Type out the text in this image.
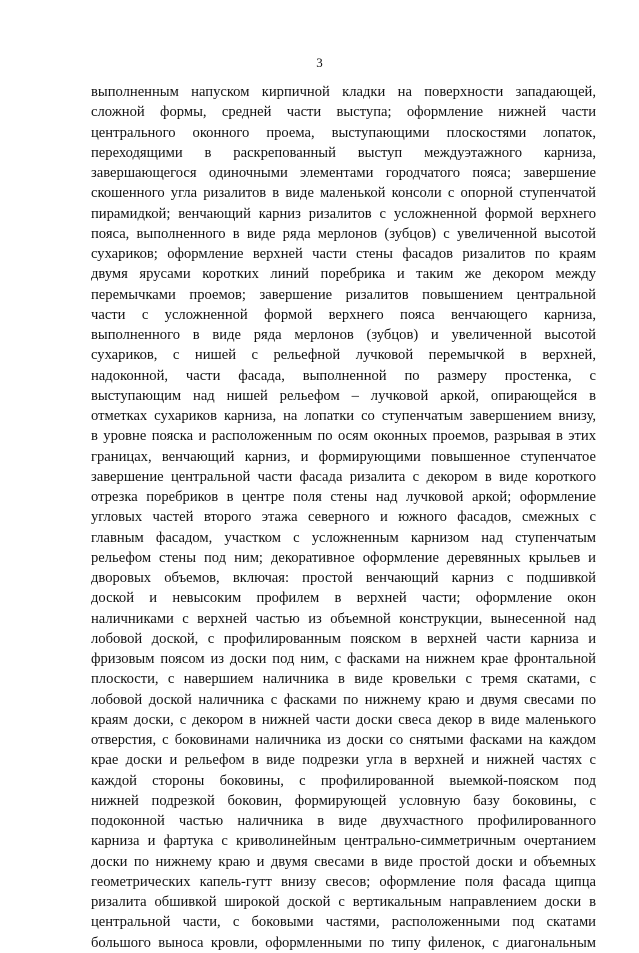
3
выполненным напуском кирпичной кладки на поверхности западающей,
сложной формы, средней части выступа; оформление нижней части
центрального оконного проема, выступающими плоскостями лопаток,
переходящими в раскрепованный выступ междуэтажного карниза,
завершающегося одиночными элементами городчатого пояса; завершение
скошенного угла ризалитов в виде маленькой консоли с опорной ступенчатой
пирамидкой; венчающий карниз ризалитов с усложненной формой верхнего
пояса, выполненного в виде ряда мерлонов (зубцов) с увеличенной высотой
сухариков; оформление верхней части стены фасадов ризалитов по краям
двумя ярусами коротких линий поребрика и таким же декором между
перемычками проемов; завершение ризалитов повышением центральной
части с усложненной формой верхнего пояса венчающего карниза,
выполненного в виде ряда мерлонов (зубцов) и увеличенной высотой
сухариков, с нишей с рельефной лучковой перемычкой в верхней,
надоконной, части фасада, выполненной по размеру простенка, с
выступающим над нишей рельефом – лучковой аркой, опирающейся в
отметках сухариков карниза, на лопатки со ступенчатым завершением внизу,
в уровне пояска и расположенным по осям оконных проемов, разрывая в этих
границах, венчающий карниз, и формирующими повышенное ступенчатое
завершение центральной части фасада ризалита с декором в виде короткого
отрезка поребриков в центре поля стены над лучковой аркой; оформление
угловых частей второго этажа северного и южного фасадов, смежных с
главным фасадом, участком с усложненным карнизом над ступенчатым
рельефом стены под ним; декоративное оформление деревянных крыльев и
дворовых объемов, включая: простой венчающий карниз с подшивкой
доской и невысоким профилем в верхней части; оформление окон
наличниками с верхней частью из объемной конструкции, вынесенной над
лобовой доской, с профилированным пояском в верхней части карниза и
фризовым поясом из доски под ним, с фасками на нижнем крае фронтальной
плоскости, с навершием наличника в виде кровельки с тремя скатами, с
лобовой доской наличника с фасками по нижнему краю и двумя свесами по
краям доски, с декором в нижней части доски свеса декор в виде маленького
отверстия, с боковинами наличника из доски со снятыми фасками на каждом
крае доски и рельефом в виде подрезки угла в верхней и нижней частях с
каждой стороны боковины, с профилированной выемкой-пояском под
нижней подрезкой боковин, формирующей условную базу боковины, с
подоконной частью наличника в виде двухчастного профилированного
карниза и фартука с криволинейным центрально-симметричным очертанием
доски по нижнему краю и двумя свесами в виде простой доски и объемных
геометрических капель-гутт внизу свесов; оформление поля фасада щипца
ризалита обшивкой широкой доской с вертикальным направлением доски в
центральной части, с боковыми частями, расположенными под скатами
большого выноса кровли, оформленными по типу филенок, с диагональным
